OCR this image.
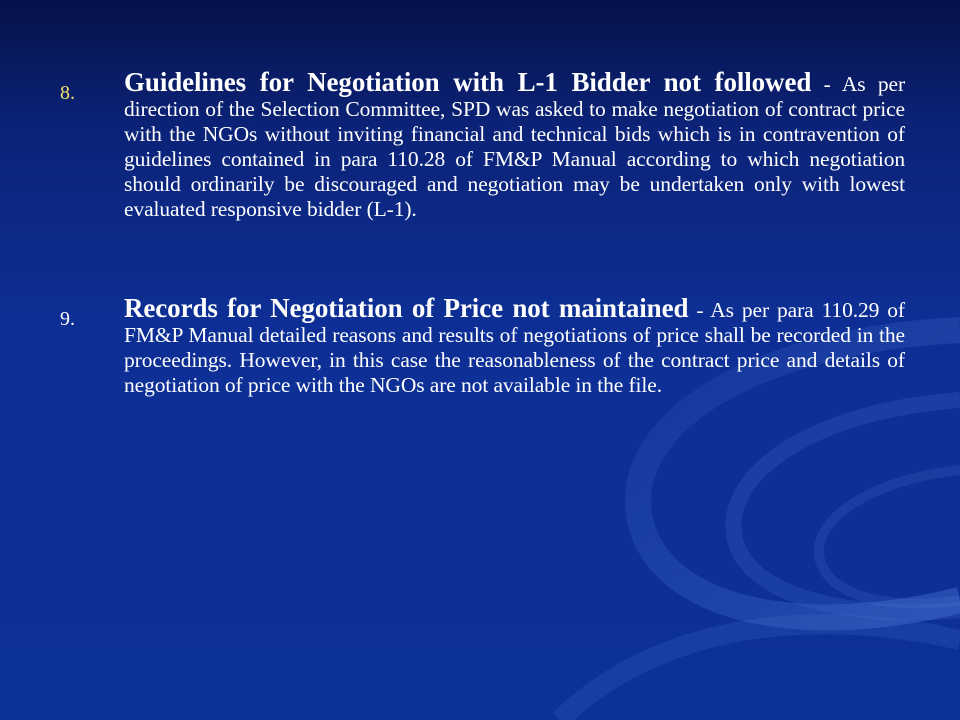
8. Guidelines for Negotiation with L-1 Bidder not followed - As per direction of the Selection Committee, SPD was asked to make negotiation of contract price with the NGOs without inviting financial and technical bids which is in contravention of guidelines contained in para 110.28 of FM&P Manual according to which negotiation should ordinarily be discouraged and negotiation may be undertaken only with lowest evaluated responsive bidder (L-1).
9. Records for Negotiation of Price not maintained - As per para 110.29 of FM&P Manual detailed reasons and results of negotiations of price shall be recorded in the proceedings. However, in this case the reasonableness of the contract price and details of negotiation of price with the NGOs are not available in the file.
